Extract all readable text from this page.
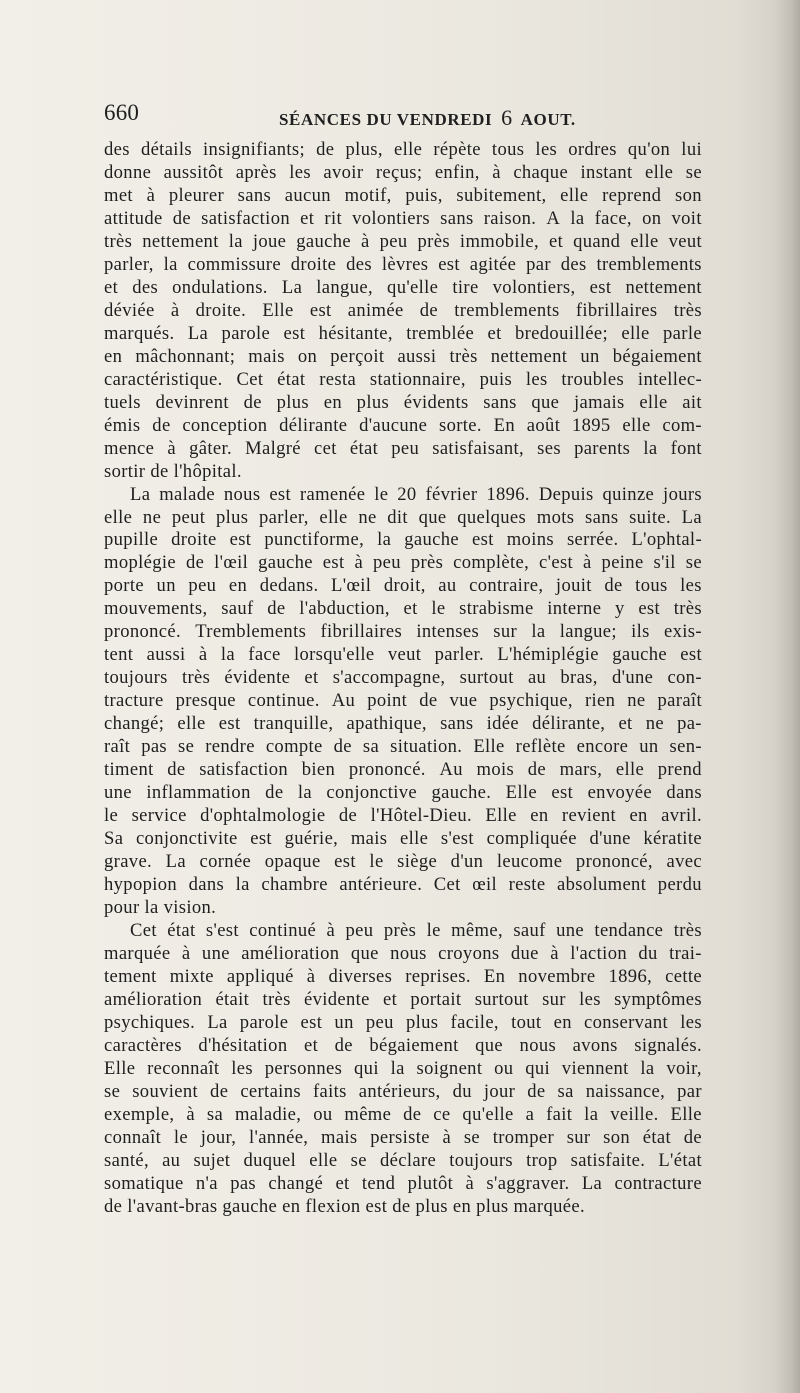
660	SÉANCES DU VENDREDI 6 AOUT.
des détails insignifiants; de plus, elle répète tous les ordres qu'on lui
donne aussitôt après les avoir reçus; enfin, à chaque instant elle se
met à pleurer sans aucun motif, puis, subitement, elle reprend son
attitude de satisfaction et rit volontiers sans raison. A la face, on voit
très nettement la joue gauche à peu près immobile, et quand elle veut
parler, la commissure droite des lèvres est agitée par des tremblements
et des ondulations. La langue, qu'elle tire volontiers, est nettement
déviée à droite. Elle est animée de tremblements fibrillaires très
marqués. La parole est hésitante, tremblée et bredouillée; elle parle
en mâchonnant; mais on perçoit aussi très nettement un bégaiement
caractéristique. Cet état resta stationnaire, puis les troubles intellec-
tuels devinrent de plus en plus évidents sans que jamais elle ait
émis de conception délirante d'aucune sorte. En août 1895 elle com-
mence à gâter. Malgré cet état peu satisfaisant, ses parents la font
sortir de l'hôpital.
La malade nous est ramenée le 20 février 1896. Depuis quinze jours
elle ne peut plus parler, elle ne dit que quelques mots sans suite. La
pupille droite est punctiforme, la gauche est moins serrée. L'ophtal-
moplégie de l'œil gauche est à peu près complète, c'est à peine s'il se
porte un peu en dedans. L'œil droit, au contraire, jouit de tous les
mouvements, sauf de l'abduction, et le strabisme interne y est très
prononcé. Tremblements fibrillaires intenses sur la langue; ils exis-
tent aussi à la face lorsqu'elle veut parler. L'hémiplégie gauche est
toujours très évidente et s'accompagne, surtout au bras, d'une con-
tracture presque continue. Au point de vue psychique, rien ne paraît
changé; elle est tranquille, apathique, sans idée délirante, et ne pa-
raît pas se rendre compte de sa situation. Elle reflète encore un sen-
timent de satisfaction bien prononcé. Au mois de mars, elle prend
une inflammation de la conjonctive gauche. Elle est envoyée dans
le service d'ophtalmologie de l'Hôtel-Dieu. Elle en revient en avril.
Sa conjonctivite est guérie, mais elle s'est compliquée d'une kératite
grave. La cornée opaque est le siège d'un leucome prononcé, avec
hypopion dans la chambre antérieure. Cet œil reste absolument perdu
pour la vision.
Cet état s'est continué à peu près le même, sauf une tendance très
marquée à une amélioration que nous croyons due à l'action du trai-
tement mixte appliqué à diverses reprises. En novembre 1896, cette
amélioration était très évidente et portait surtout sur les symptômes
psychiques. La parole est un peu plus facile, tout en conservant les
caractères d'hésitation et de bégaiement que nous avons signalés.
Elle reconnaît les personnes qui la soignent ou qui viennent la voir,
se souvient de certains faits antérieurs, du jour de sa naissance, par
exemple, à sa maladie, ou même de ce qu'elle a fait la veille. Elle
connaît le jour, l'année, mais persiste à se tromper sur son état de
santé, au sujet duquel elle se déclare toujours trop satisfaite. L'état
somatique n'a pas changé et tend plutôt à s'aggraver. La contracture
de l'avant-bras gauche en flexion est de plus en plus marquée.
